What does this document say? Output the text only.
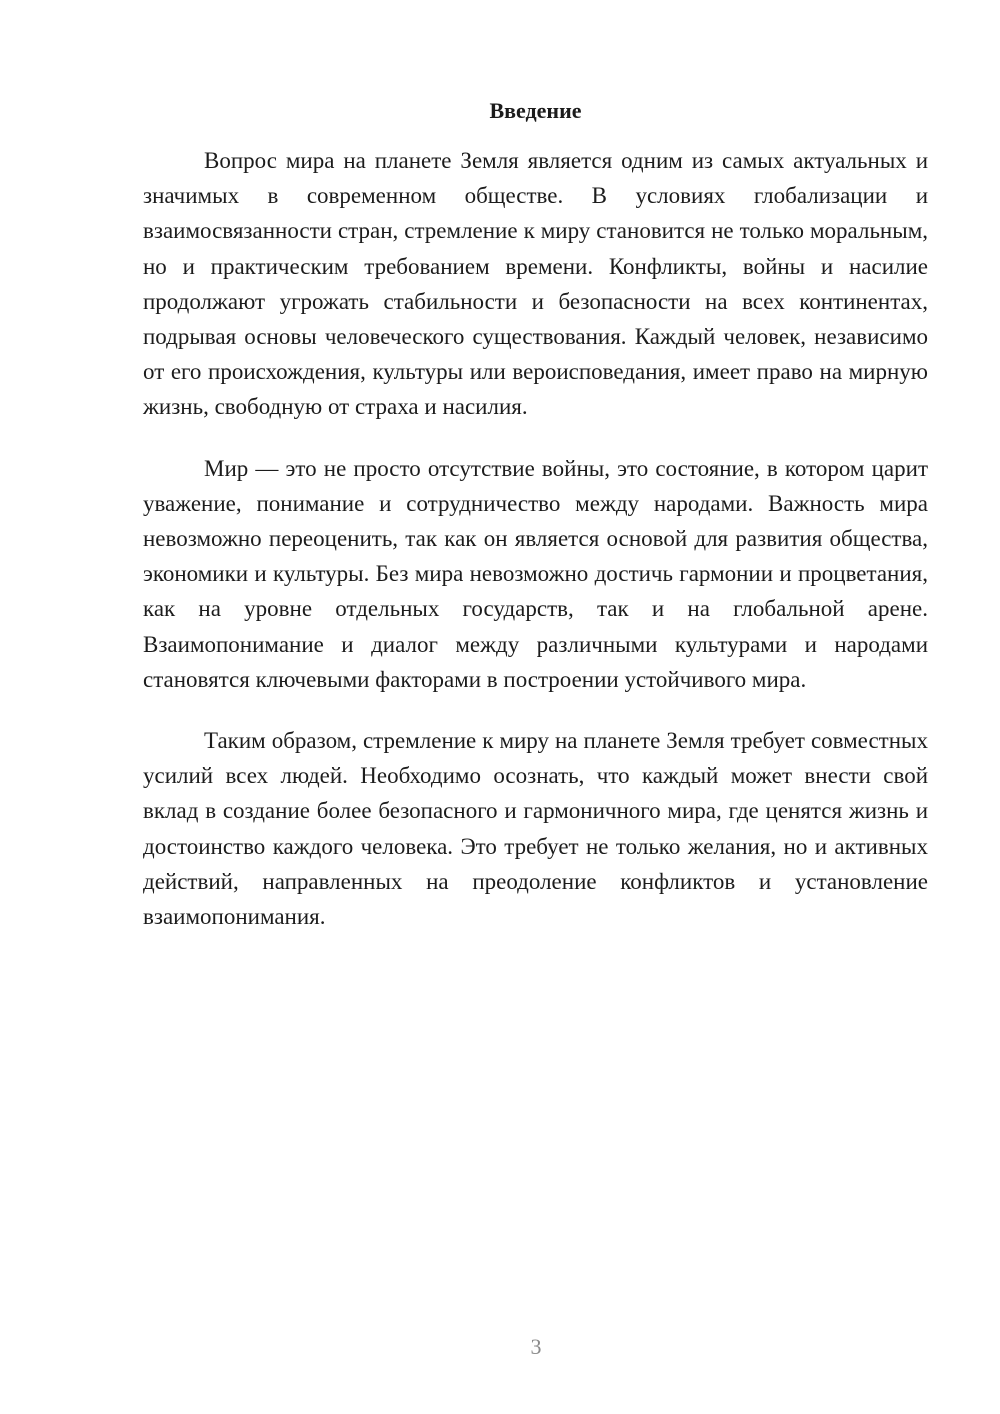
Введение

Вопрос мира на планете Земля является одним из самых актуальных и значимых в современном обществе. В условиях глобализации и взаимосвязанности стран, стремление к миру становится не только моральным, но и практическим требованием времени. Конфликты, войны и насилие продолжают угрожать стабильности и безопасности на всех континентах, подрывая основы человеческого существования. Каждый человек, независимо от его происхождения, культуры или вероисповедания, имеет право на мирную жизнь, свободную от страха и насилия.

Мир — это не просто отсутствие войны, это состояние, в котором царит уважение, понимание и сотрудничество между народами. Важность мира невозможно переоценить, так как он является основой для развития общества, экономики и культуры. Без мира невозможно достичь гармонии и процветания, как на уровне отдельных государств, так и на глобальной арене. Взаимопонимание и диалог между различными культурами и народами становятся ключевыми факторами в построении устойчивого мира.

Таким образом, стремление к миру на планете Земля требует совместных усилий всех людей. Необходимо осознать, что каждый может внести свой вклад в создание более безопасного и гармоничного мира, где ценятся жизнь и достоинство каждого человека. Это требует не только желания, но и активных действий, направленных на преодоление конфликтов и установление взаимопонимания.

3
